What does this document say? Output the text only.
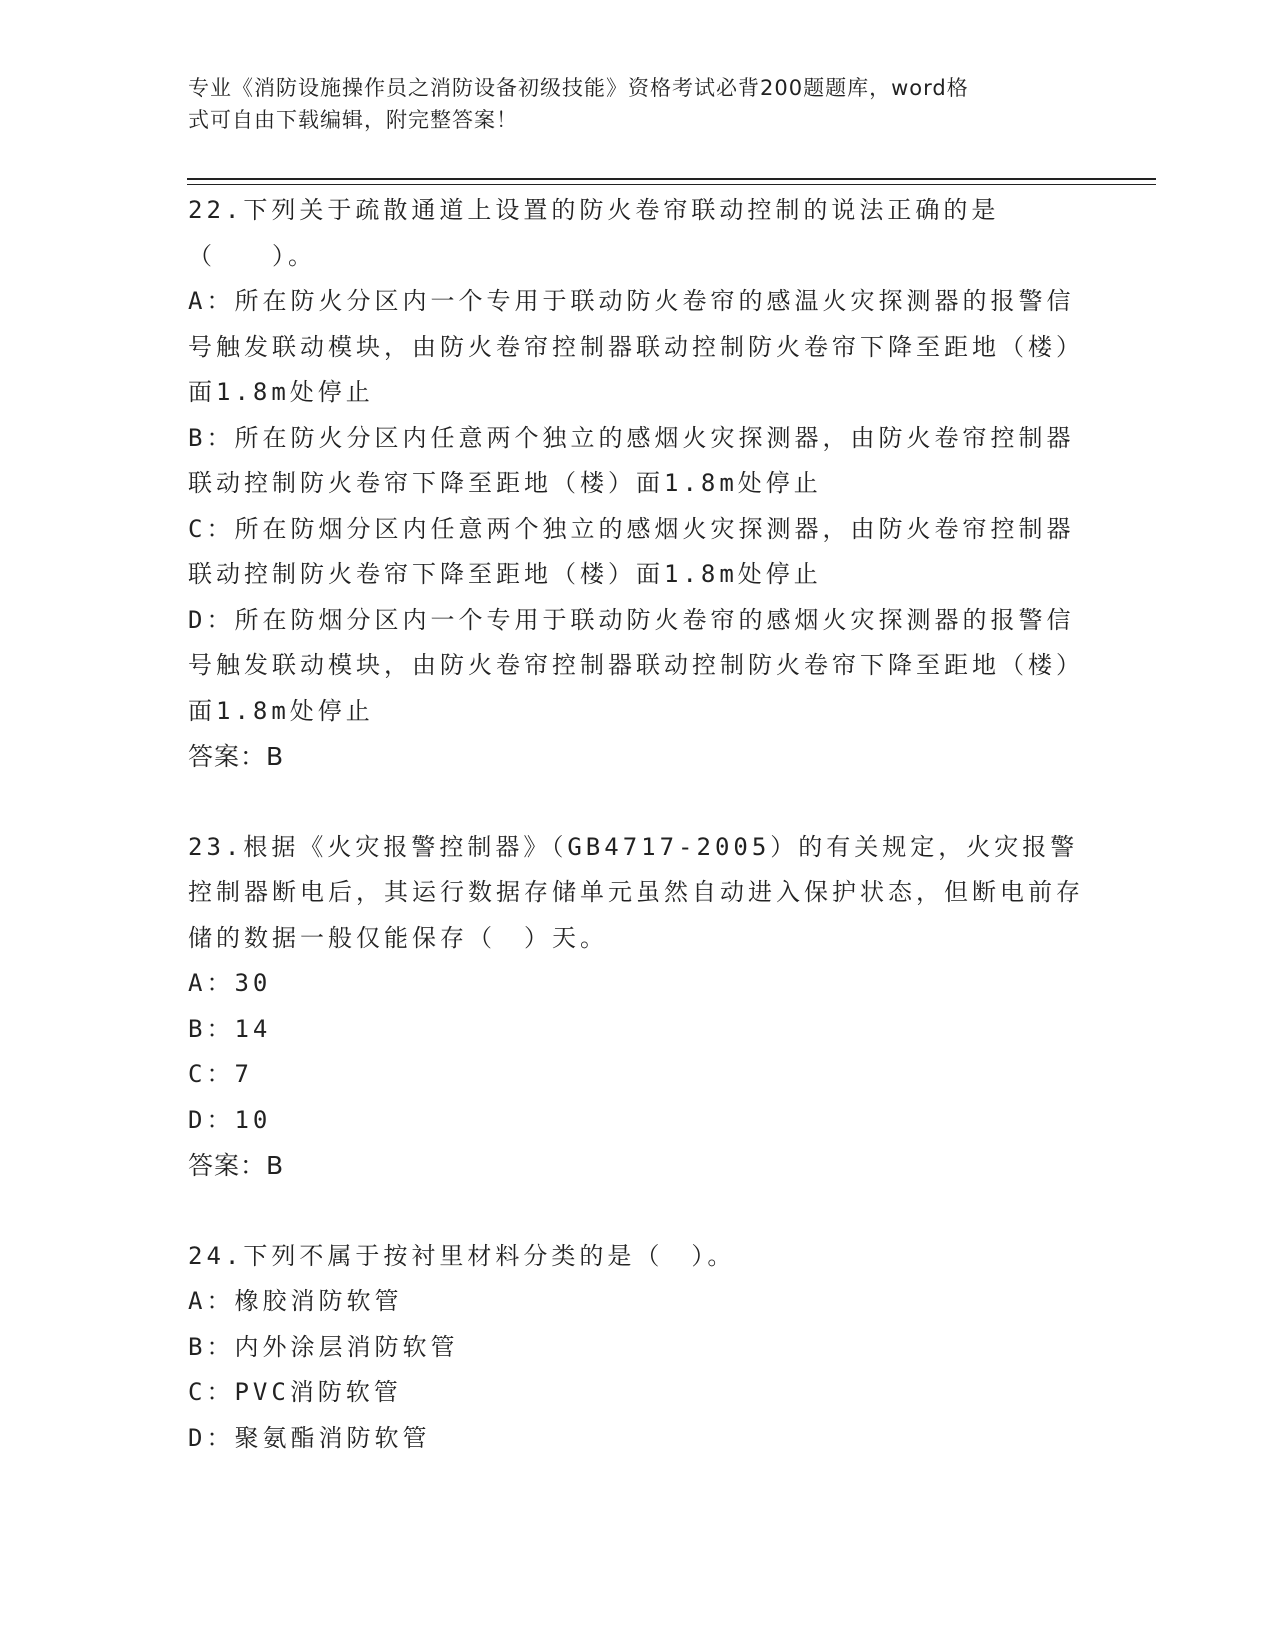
专业《消防设施操作员之消防设备初级技能》资格考试必背200题题库，word格
式可自由下载编辑，附完整答案！

22.下列关于疏散通道上设置的防火卷帘联动控制的说法正确的是（　　）。

A：所在防火分区内一个专用于联动防火卷帘的感温火灾探测器的报警信号触发联动模块，由防火卷帘控制器联动控制防火卷帘下降至距地（楼）面1.8m处停止

B：所在防火分区内任意两个独立的感烟火灾探测器，由防火卷帘控制器联动控制防火卷帘下降至距地（楼）面1.8m处停止

C：所在防烟分区内任意两个独立的感烟火灾探测器，由防火卷帘控制器联动控制防火卷帘下降至距地（楼）面1.8m处停止

D：所在防烟分区内一个专用于联动防火卷帘的感烟火灾探测器的报警信号触发联动模块，由防火卷帘控制器联动控制防火卷帘下降至距地（楼）面1.8m处停止

答案：B

23.根据《火灾报警控制器》（GB4717-2005）的有关规定，火灾报警控制器断电后，其运行数据存储单元虽然自动进入保护状态，但断电前存储的数据一般仅能保存（　）天。

A：30

B：14

C：7

D：10

答案：B

24.下列不属于按衬里材料分类的是（　）。

A：橡胶消防软管

B：内外涂层消防软管

C：PVC消防软管

D：聚氨酯消防软管
